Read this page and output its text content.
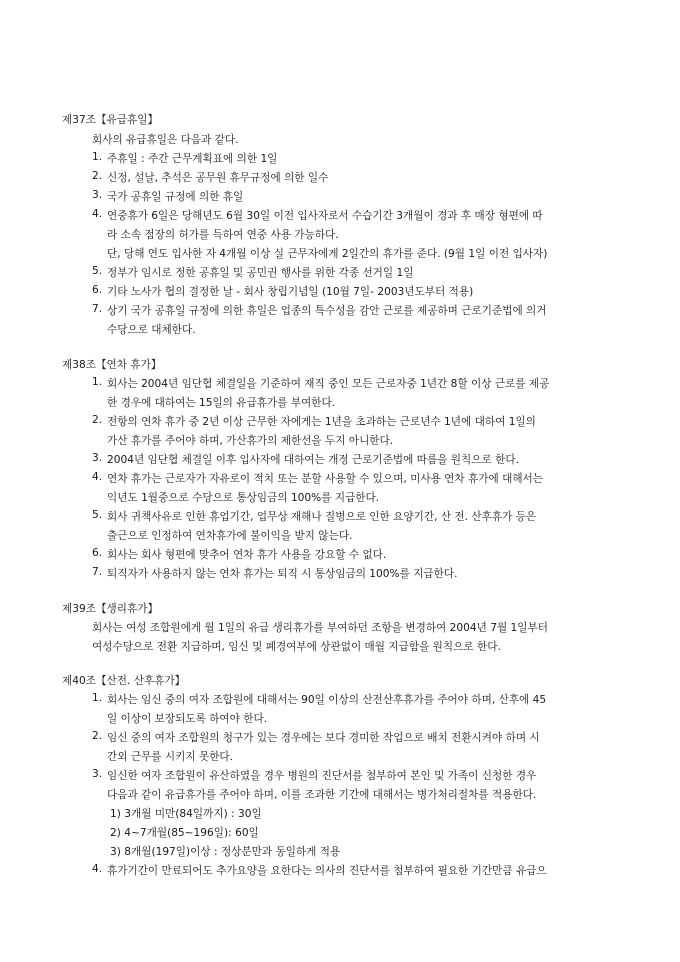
제37조【유급휴일】
회사의 유급휴일은 다음과 같다.
1. 주휴일 : 주간 근무계획표에 의한 1일
2. 신정, 설날, 추석은 공무원 휴무규정에 의한 일수
3. 국가 공휴일 규정에 의한 휴일
4. 연중휴가 6일은 당해년도 6월 30일 이전 입사자로서 수습기간 3개월이 경과 후 매장 형편에 따
라 소속 점장의 허가를 득하여 연중 사용 가능하다.
단, 당해 연도 입사한 자 4개월 이상 실 근무자에게 2일간의 휴가를 준다. (9월 1일 이전 입사자)
5. 정부가 임시로 정한 공휴일 및 공민권 행사를 위한 각종 선거일 1일
6. 기타 노사가 협의 결정한 날 - 회사 창립기념일 (10월 7일- 2003년도부터 적용)
7. 상기 국가 공휴일 규정에 의한 휴일은 업종의 특수성을 감안 근로를 제공하며 근로기준법에 의거
수당으로 대체한다.
제38조【연차 휴가】
1. 회사는 2004년 임단협 체결일을 기준하여 재직 중인 모든 근로자중 1년간 8할 이상 근로를 제공
한 경우에 대하여는 15일의 유급휴가를 부여한다.
2. 전항의 연차 휴가 중 2년 이상 근무한 자에게는 1년을 초과하는 근로년수 1년에 대하여 1일의
가산 휴가를 주어야 하며, 가산휴가의 제한선을 두지 아니한다.
3. 2004년 임단협 체결일 이후 입사자에 대하여는 개정 근로기준법에 따름을 원칙으로 한다.
4. 연차 휴가는 근로자가 자유로이 적치 또는 분할 사용할 수 있으며, 미사용 연차 휴가에 대해서는
익년도 1월중으로 수당으로 통상임금의 100%를 지급한다.
5. 회사 귀책사유로 인한 휴업기간, 업무상 재해나 질병으로 인한 요양기간, 산 전. 산후휴가 등은
출근으로 인정하여 연차휴가에 불이익을 받지 않는다.
6. 회사는 회사 형편에 맞추어 연차 휴가 사용을 강요할 수 없다.
7. 퇴직자가 사용하지 않는 연차 휴가는 퇴직 시 통상임금의 100%를 지급한다.
제39조【생리휴가】
회사는 여성 조합원에게 월 1일의 유급 생리휴가를 부여하던 조항을 변경하여 2004년 7월 1일부터
여성수당으로 전환 지급하며, 임신 및 폐경여부에 상관없이 매월 지급함을 원칙으로 한다.
제40조【산전. 산후휴가】
1. 회사는 임신 중의 여자 조합원에 대해서는 90일 이상의 산전산후휴가를 주어야 하며, 산후에 45
일 이상이 보장되도록 하여야 한다.
2. 임신 중의 여자 조합원의 청구가 있는 경우에는 보다 경미한 작업으로 배치 전환시켜야 하며 시
간외 근무를 시키지 못한다.
3. 임신한 여자 조합원이 유산하였을 경우 병원의 진단서를 첨부하여 본인 및 가족이 신청한 경우
다음과 같이 유급휴가를 주어야 하며, 이를 조과한 기간에 대해서는 병가처리절차를 적용한다.
1) 3개월 미만(84일까지) : 30일
2) 4~7개월(85~196일): 60일
3) 8개월(197일)이상 : 정상분만과 동일하게 적용
4. 휴가기간이 만료되어도 추가요양을 요한다는 의사의 진단서를 첨부하여 필요한 기간만큼 유급으
